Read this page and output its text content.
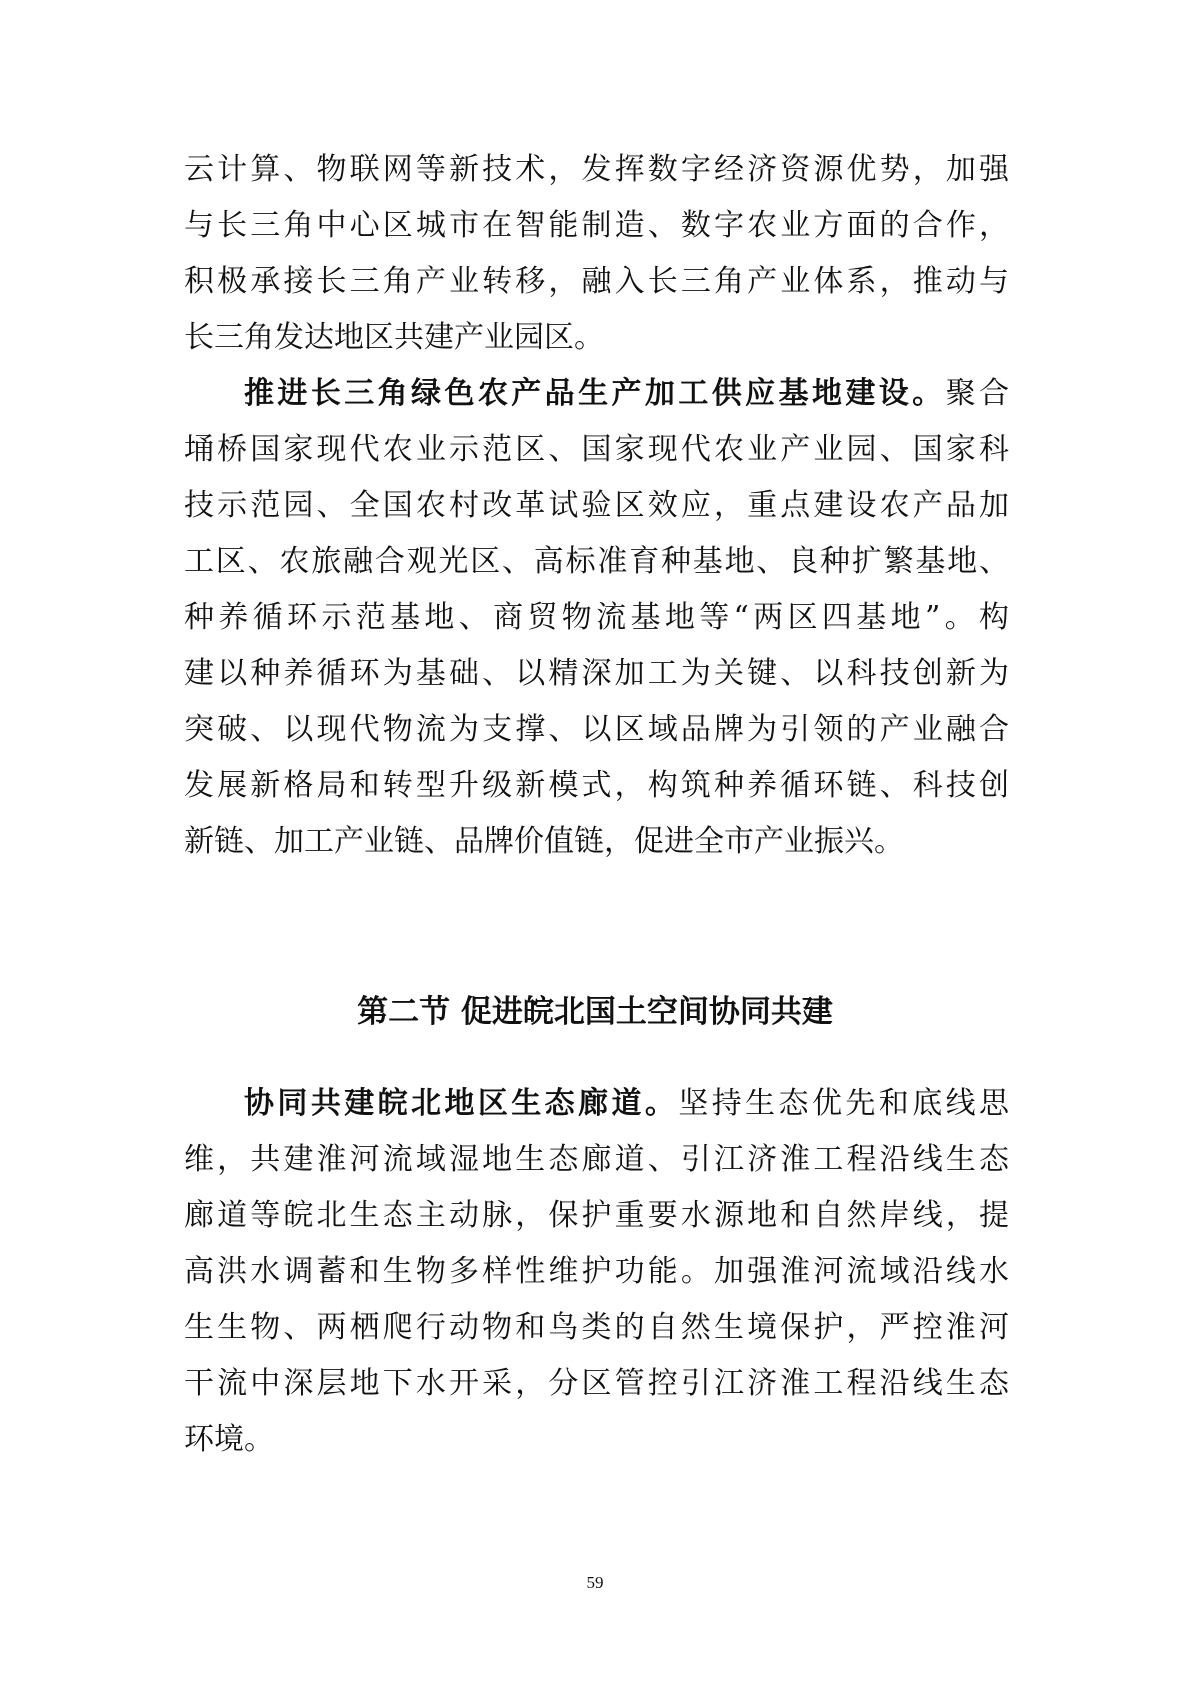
云计算、物联网等新技术，发挥数字经济资源优势，加强
与长三角中心区城市在智能制造、数字农业方面的合作，
积极承接长三角产业转移，融入长三角产业体系，推动与
长三角发达地区共建产业园区。
推进长三角绿色农产品生产加工供应基地建设。聚合
埇桥国家现代农业示范区、国家现代农业产业园、国家科
技示范园、全国农村改革试验区效应，重点建设农产品加
工区、农旅融合观光区、高标准育种基地、良种扩繁基地、
种养循环示范基地、商贸物流基地等“两区四基地”。构
建以种养循环为基础、以精深加工为关键、以科技创新为
突破、以现代物流为支撑、以区域品牌为引领的产业融合
发展新格局和转型升级新模式，构筑种养循环链、科技创
新链、加工产业链、品牌价值链，促进全市产业振兴。
第二节 促进皖北国土空间协同共建
协同共建皖北地区生态廊道。坚持生态优先和底线思
维，共建淮河流域湿地生态廊道、引江济淮工程沿线生态
廊道等皖北生态主动脉，保护重要水源地和自然岸线，提
高洪水调蓄和生物多样性维护功能。加强淮河流域沿线水
生生物、两栖爬行动物和鸟类的自然生境保护，严控淮河
干流中深层地下水开采，分区管控引江济淮工程沿线生态
环境。
59
